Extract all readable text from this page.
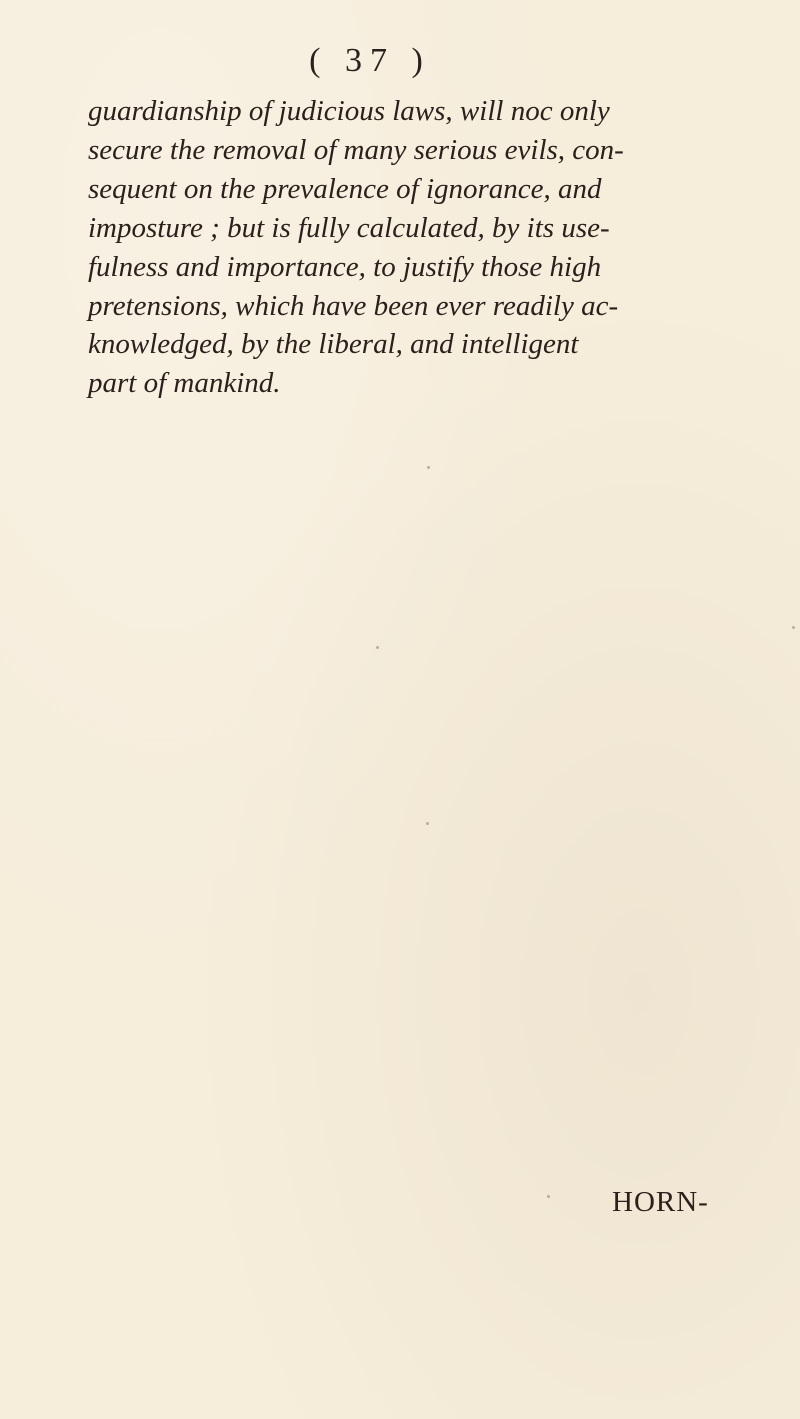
( 37 )
guardianship of judicious laws, will noc only
secure the removal of many serious evils, con-
sequent on the prevalence of ignorance, and
imposture ; but is fully calculated, by its use-
fulness and importance, to justify those high
pretensions, which have been ever readily ac-
knowledged, by the liberal, and intelligent
part of mankind.
HORN-
